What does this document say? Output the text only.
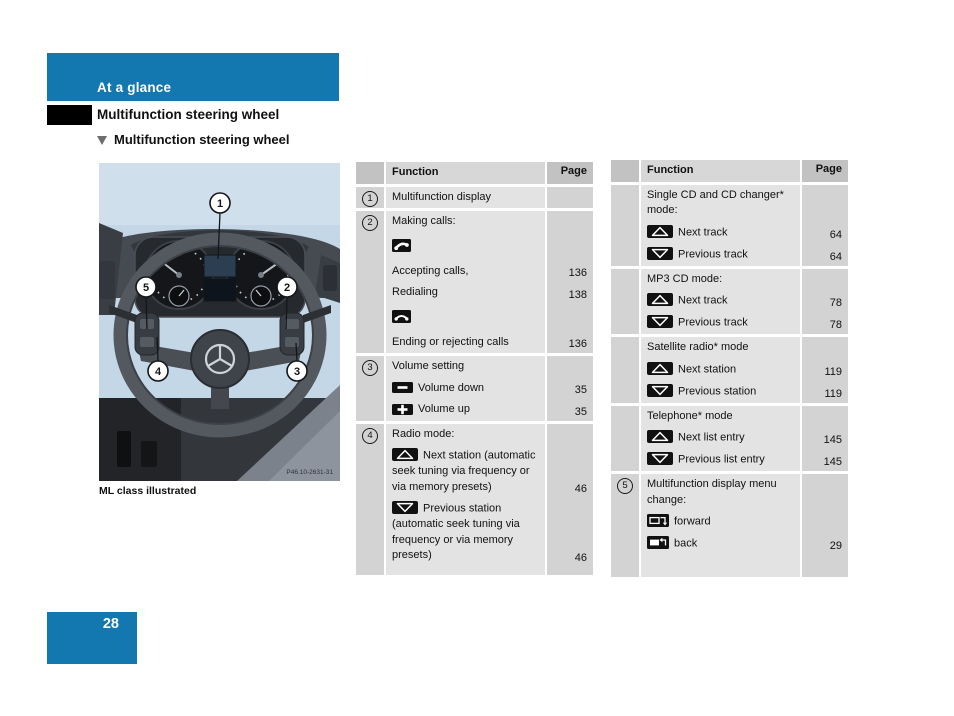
At a glance
Multifunction steering wheel
Multifunction steering wheel
P46.10-2631-31
1
5	2
4	3
ML class illustrated
Function	Page
1	Multifunction display
2	Making calls:
Accepting calls,	136
Redialing	138
Ending or rejecting calls	136
3	Volume setting
Volume down	35
Volume up	35
4	Radio mode:
Next station (automatic seek tuning via frequency or via memory presets)	46
Previous station (automatic seek tuning via frequency or via memory presets)	46
Function	Page
Single CD and CD changer* mode:
Next track	64
Previous track	64
MP3 CD mode:
Next track	78
Previous track	78
Satellite radio* mode
Next station	119
Previous station	119
Telephone* mode
Next list entry	145
Previous list entry	145
5	Multifunction display menu change:
forward
back	29
28
